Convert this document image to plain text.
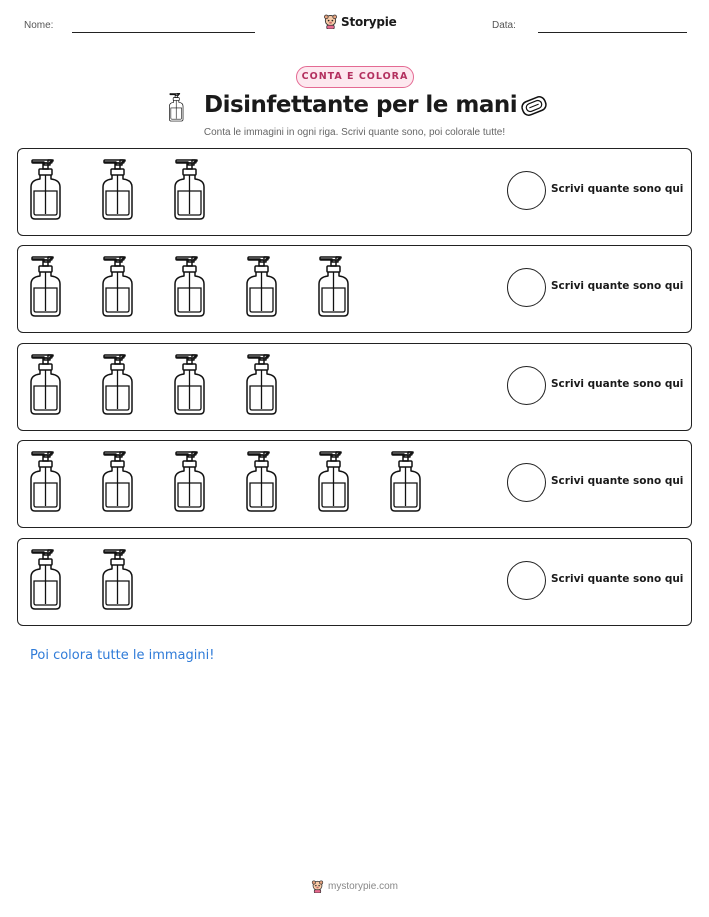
Nome:	Storypie	Data:
CONTA E COLORA
Disinfettante per le mani
Conta le immagini in ogni riga. Scrivi quante sono, poi colorale tutte!
Scrivi quante sono qui
Scrivi quante sono qui
Scrivi quante sono qui
Scrivi quante sono qui
Scrivi quante sono qui
Poi colora tutte le immagini!
mystorypie.com
